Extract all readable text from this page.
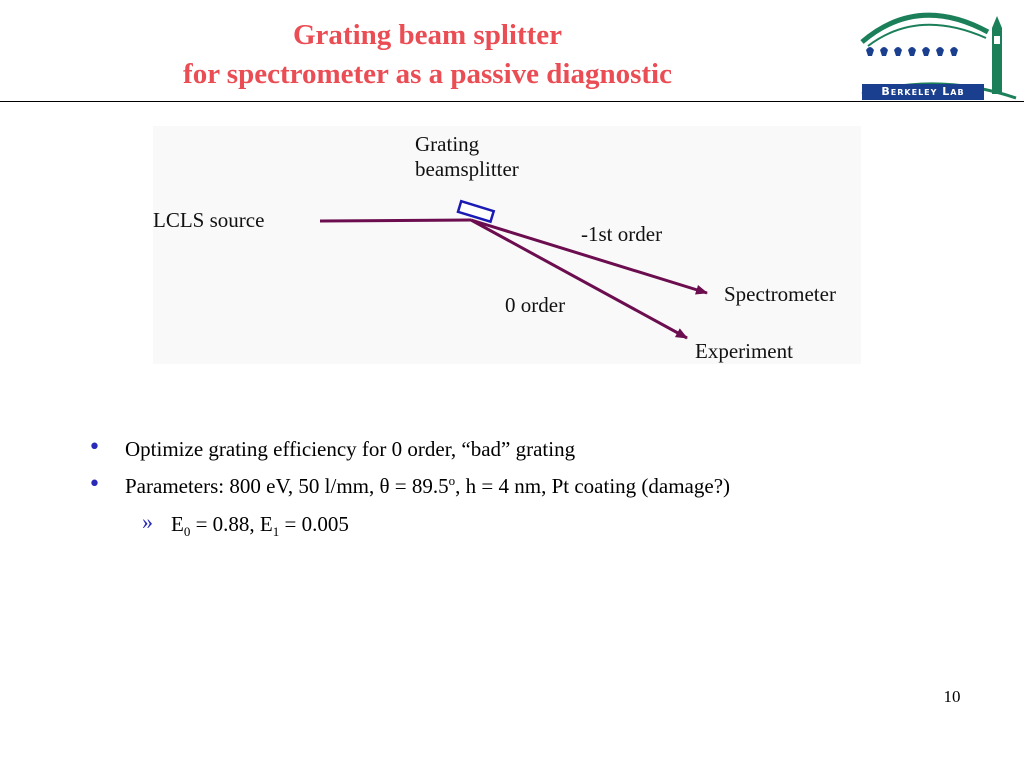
Grating beam splitter
for spectrometer as a passive diagnostic
Berkeley Lab
Grating
beamsplitter
LCLS source
-1st order
Spectrometer
0 order
Experiment
• Optimize grating efficiency for 0 order, “bad” grating
• Parameters: 800 eV, 50 l/mm, $\theta = 89.5^o$, h = 4 nm, Pt coating (damage?)
» $E_0 = 0.88$, $E_1 = 0.005$
10
